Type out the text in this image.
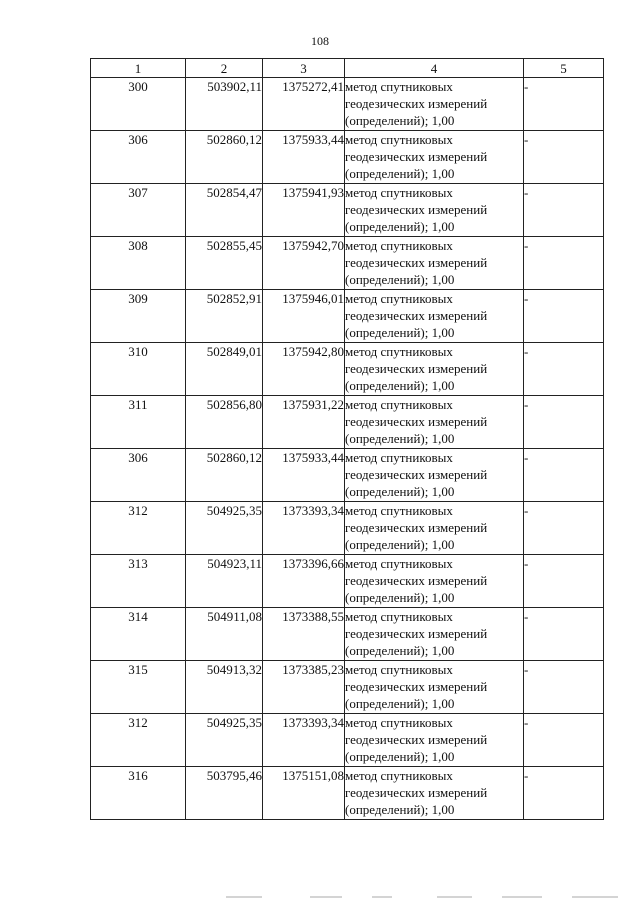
108
1	2	3	4	5
300	503902,11	1375272,41	метод спутниковых
геодезических измерений
(определений); 1,00	-
306	502860,12	1375933,44	метод спутниковых
геодезических измерений
(определений); 1,00	-
307	502854,47	1375941,93	метод спутниковых
геодезических измерений
(определений); 1,00	-
308	502855,45	1375942,70	метод спутниковых
геодезических измерений
(определений); 1,00	-
309	502852,91	1375946,01	метод спутниковых
геодезических измерений
(определений); 1,00	-
310	502849,01	1375942,80	метод спутниковых
геодезических измерений
(определений); 1,00	-
311	502856,80	1375931,22	метод спутниковых
геодезических измерений
(определений); 1,00	-
306	502860,12	1375933,44	метод спутниковых
геодезических измерений
(определений); 1,00	-
312	504925,35	1373393,34	метод спутниковых
геодезических измерений
(определений); 1,00	-
313	504923,11	1373396,66	метод спутниковых
геодезических измерений
(определений); 1,00	-
314	504911,08	1373388,55	метод спутниковых
геодезических измерений
(определений); 1,00	-
315	504913,32	1373385,23	метод спутниковых
геодезических измерений
(определений); 1,00	-
312	504925,35	1373393,34	метод спутниковых
геодезических измерений
(определений); 1,00	-
316	503795,46	1375151,08	метод спутниковых
геодезических измерений
(определений); 1,00	-
